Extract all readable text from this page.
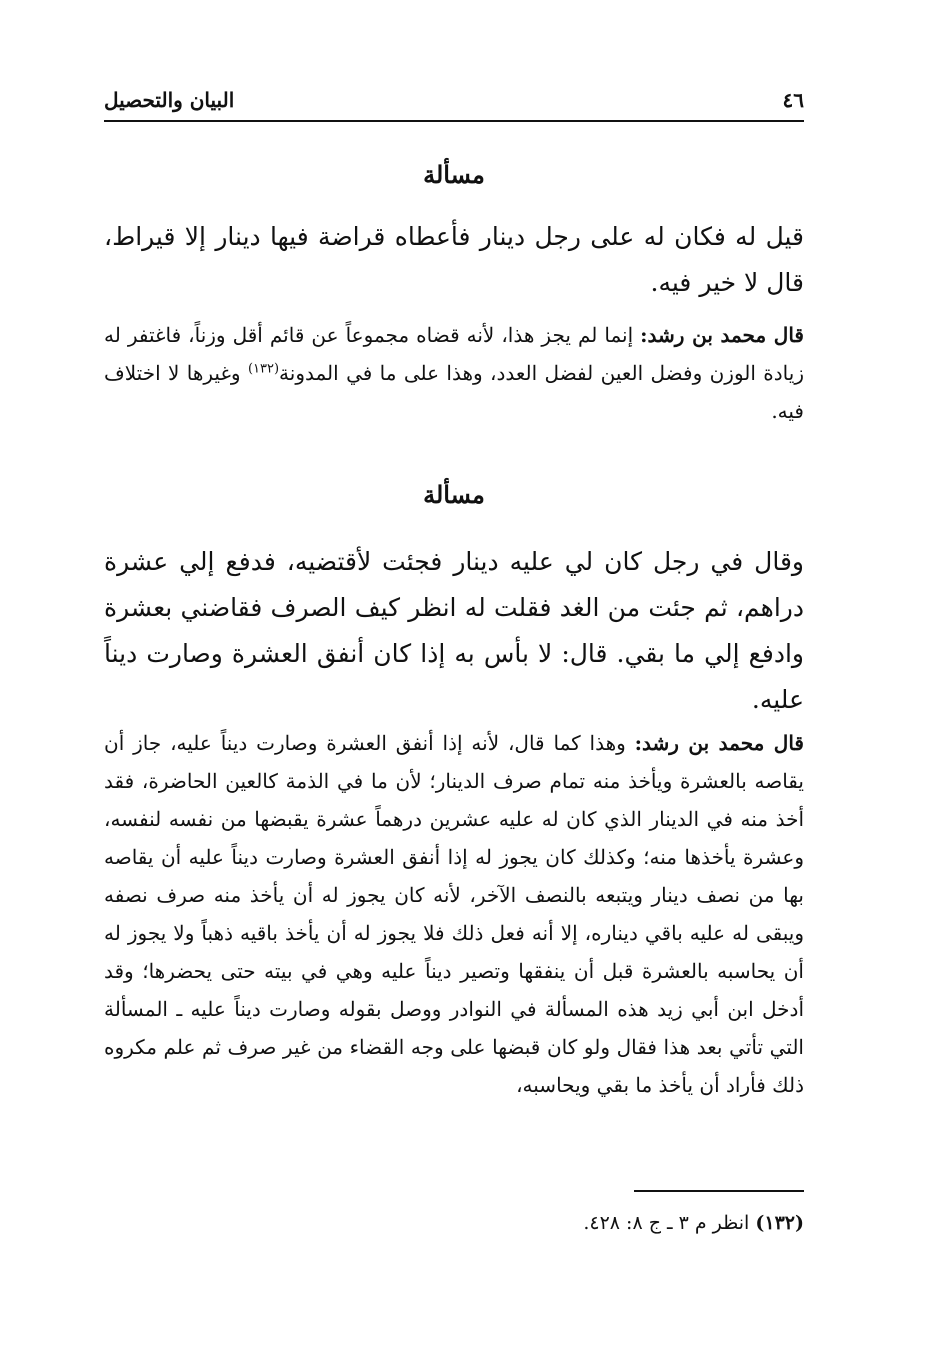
٤٦
البيان والتحصيل
مسألة
قيل له فكان له على رجل دينار فأعطاه قراضة فيها دينار إلا قيراط، قال لا خير فيه.
قال محمد بن رشد: إنما لم يجز هذا، لأنه قضاه مجموعاً عن قائم أقل وزناً، فاغتفر له زيادة الوزن وفضل العين لفضل العدد، وهذا على ما في المدونة$^{(١٣٢)}$ وغيرها لا اختلاف فيه.
مسألة
وقال في رجل كان لي عليه دينار فجئت لأقتضيه، فدفع إلي عشرة دراهم، ثم جئت من الغد فقلت له انظر كيف الصرف فقاضني بعشرة وادفع إلي ما بقي. قال: لا بأس به إذا كان أنفق العشرة وصارت ديناً عليه.
قال محمد بن رشد: وهذا كما قال، لأنه إذا أنفق العشرة وصارت ديناً عليه، جاز أن يقاصه بالعشرة ويأخذ منه تمام صرف الدينار؛ لأن ما في الذمة كالعين الحاضرة، فقد أخذ منه في الدينار الذي كان له عليه عشرين درهماً عشرة يقبضها من نفسه لنفسه، وعشرة يأخذها منه؛ وكذلك كان يجوز له إذا أنفق العشرة وصارت ديناً عليه أن يقاصه بها من نصف دينار ويتبعه بالنصف الآخر، لأنه كان يجوز له أن يأخذ منه صرف نصفه ويبقى له عليه باقي ديناره، إلا أنه فعل ذلك فلا يجوز له أن يأخذ باقيه ذهباً ولا يجوز له أن يحاسبه بالعشرة قبل أن ينفقها وتصير ديناً عليه وهي في بيته حتى يحضرها؛ وقد أدخل ابن أبي زيد هذه المسألة في النوادر ووصل بقوله وصارت ديناً عليه ـ المسألة التي تأتي بعد هذا فقال ولو كان قبضها على وجه القضاء من غير صرف ثم علم مكروه ذلك فأراد أن يأخذ ما بقي ويحاسبه،
(١٣٢) انظر م ٣ ـ ج ٨: ٤٢٨.
